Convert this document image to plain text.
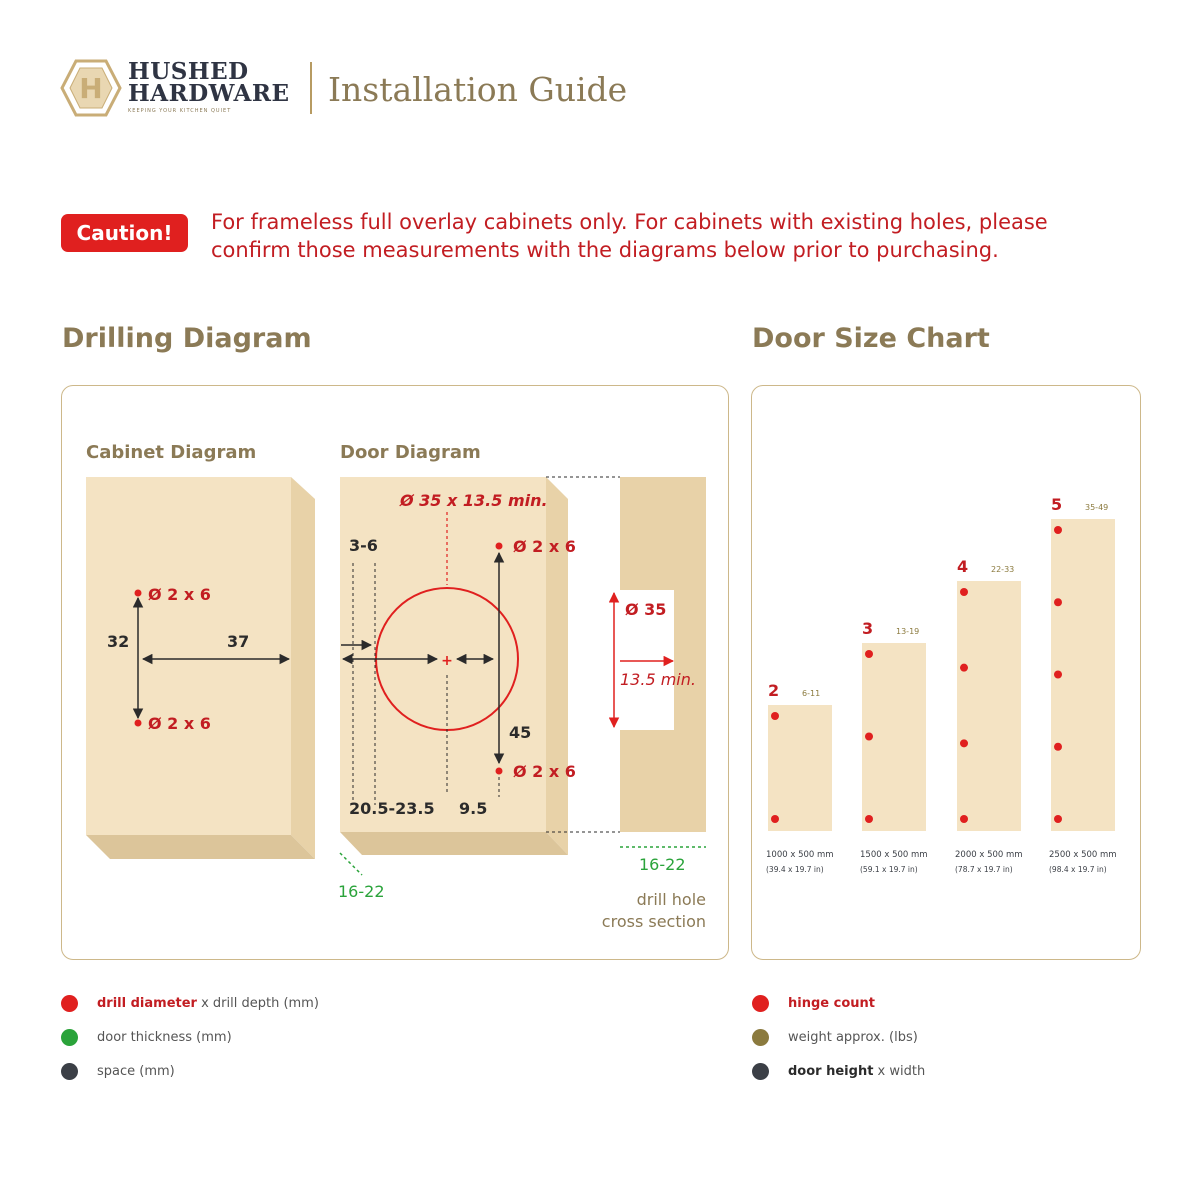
H
HUSHED
HARDWARE
KEEPING YOUR KITCHEN QUIET
Installation Guide
Caution!	For frameless full overlay cabinets only. For cabinets with existing holes, please
confirm those measurements with the diagrams below prior to purchasing.
Drilling Diagram	Door Size Chart
Cabinet Diagram	Door Diagram
Ø 2 x 6
Ø 2 x 6
32	37
+
Ø 35 x 13.5 min.
3-6	Ø 2 x 6
Ø 2 x 6
45
20.5-23.5 9.5
16-22
Ø 35
13.5 min.
16-22
drill hole
cross section
2	6-11
1000 x 500 mm
(39.4 x 19.7 in)
3	13-19
1500 x 500 mm
(59.1 x 19.7 in)
4	22-33
2000 x 500 mm
(78.7 x 19.7 in)
5	35-49
2500 x 500 mm
(98.4 x 19.7 in)
drill diameter x drill depth (mm)
door thickness (mm)
space (mm)
hinge count
weight approx. (lbs)
door height x width
